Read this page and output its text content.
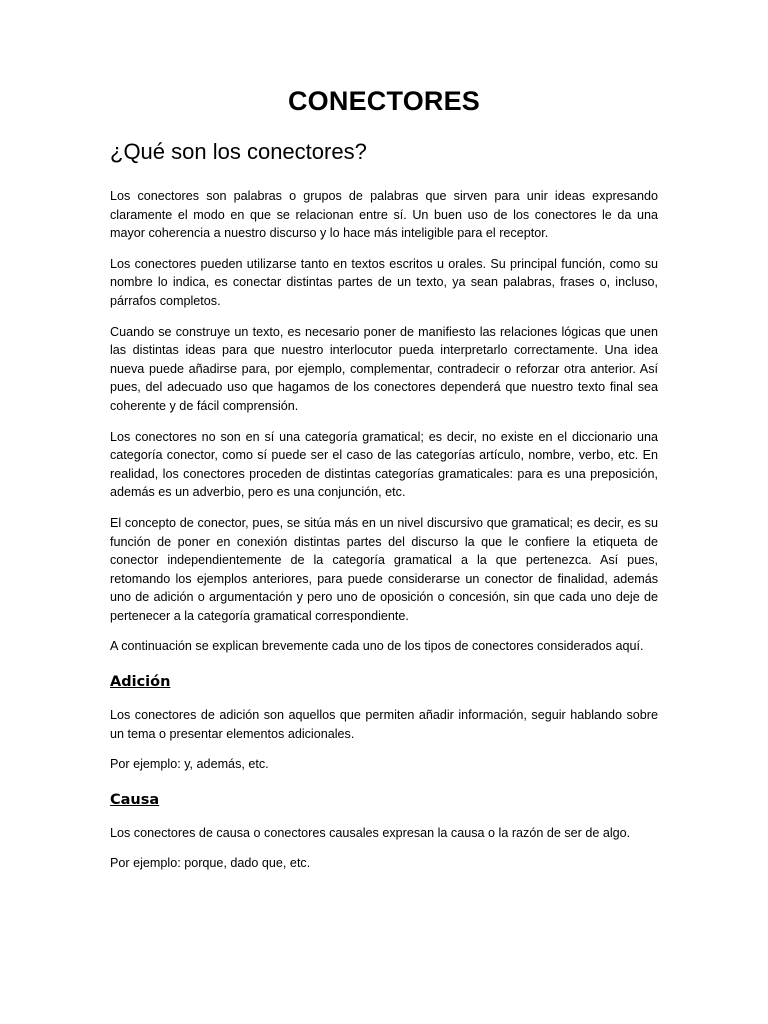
CONECTORES
¿Qué son los conectores?

Los conectores son palabras o grupos de palabras que sirven para unir ideas expresando claramente el modo en que se relacionan entre sí. Un buen uso de los conectores le da una mayor coherencia a nuestro discurso y lo hace más inteligible para el receptor.

Los conectores pueden utilizarse tanto en textos escritos u orales. Su principal función, como su nombre lo indica, es conectar distintas partes de un texto, ya sean palabras, frases o, incluso, párrafos completos.

Cuando se construye un texto, es necesario poner de manifiesto las relaciones lógicas que unen las distintas ideas para que nuestro interlocutor pueda interpretarlo correctamente. Una idea nueva puede añadirse para, por ejemplo, complementar, contradecir o reforzar otra anterior. Así pues, del adecuado uso que hagamos de los conectores dependerá que nuestro texto final sea coherente y de fácil comprensión.

Los conectores no son en sí una categoría gramatical; es decir, no existe en el diccionario una categoría conector, como sí puede ser el caso de las categorías artículo, nombre, verbo, etc. En realidad, los conectores proceden de distintas categorías gramaticales: para es una preposición, además es un adverbio, pero es una conjunción, etc.

El concepto de conector, pues, se sitúa más en un nivel discursivo que gramatical; es decir, es su función de poner en conexión distintas partes del discurso la que le confiere la etiqueta de conector independientemente de la categoría gramatical a la que pertenezca. Así pues, retomando los ejemplos anteriores, para puede considerarse un conector de finalidad, además uno de adición o argumentación y pero uno de oposición o concesión, sin que cada uno deje de pertenecer a la categoría gramatical correspondiente.

A continuación se explican brevemente cada uno de los tipos de conectores considerados aquí.

Adición

Los conectores de adición son aquellos que permiten añadir información, seguir hablando sobre un tema o presentar elementos adicionales.

Por ejemplo: y, además, etc.

Causa

Los conectores de causa o conectores causales expresan la causa o la razón de ser de algo.

Por ejemplo: porque, dado que, etc.
